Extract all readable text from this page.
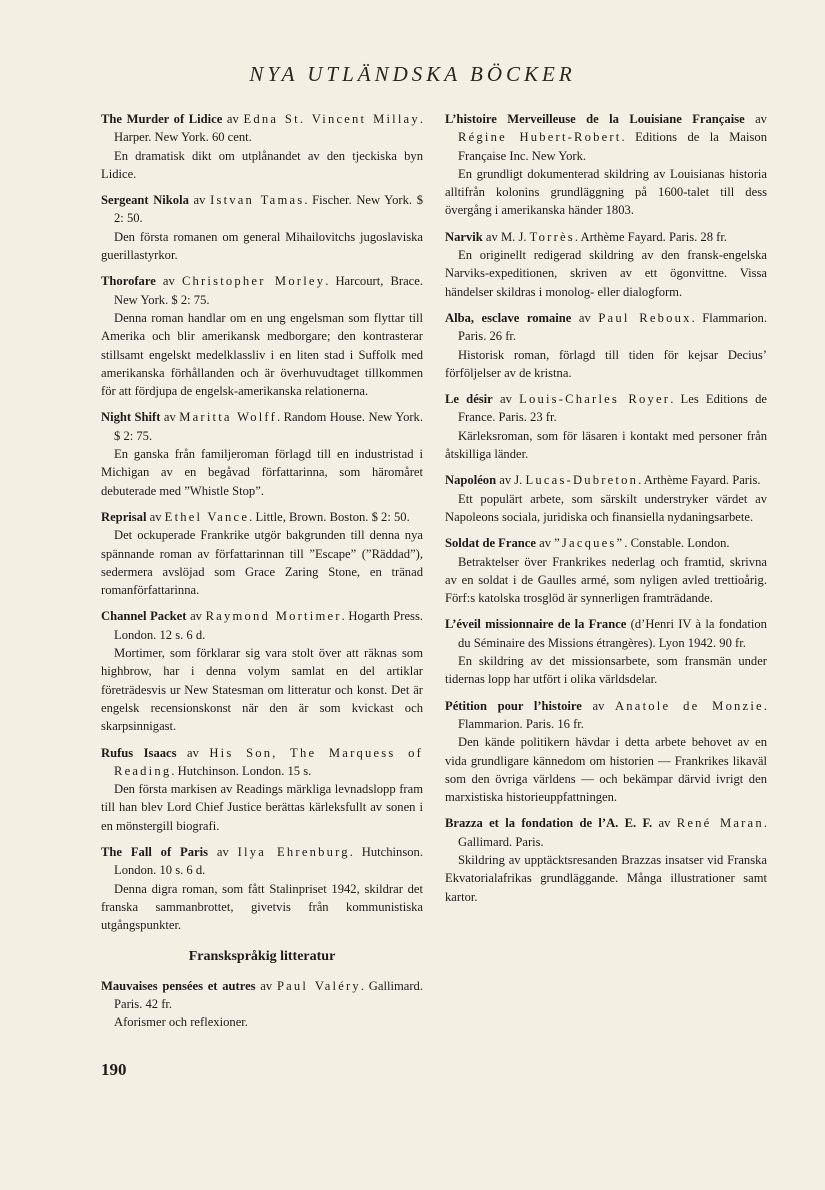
NYA UTLÄNDSKA BÖCKER

The Murder of Lidice av Edna St. Vincent Millay. Harper. New York. 60 cent.

En dramatisk dikt om utplånandet av den tjeckiska byn Lidice.

Sergeant Nikola av Istvan Tamas. Fischer. New York. $ 2: 50.

Den första romanen om general Mihailovitchs jugoslaviska guerillastyrkor.

Thorofare av Christopher Morley. Harcourt, Brace. New York. $ 2: 75.

Denna roman handlar om en ung engelsman som flyttar till Amerika och blir amerikansk medborgare; den kontrasterar stillsamt engelskt medelklassliv i en liten stad i Suffolk med amerikanska förhållanden och är överhuvudtaget tillkommen för att fördjupa de engelsk-amerikanska relationerna.

Night Shift av Maritta Wolff. Random House. New York. $ 2: 75.

En ganska från familjeroman förlagd till en industristad i Michigan av en begåvad författarinna, som häromåret debuterade med ”Whistle Stop”.

Reprisal av Ethel Vance. Little, Brown. Boston. $ 2: 50.

Det ockuperade Frankrike utgör bakgrunden till denna nya spännande roman av författarinnan till ”Escape” (”Räddad”), sedermera avslöjad som Grace Zaring Stone, en tränad romanförfattarinna.

Channel Packet av Raymond Mortimer. Hogarth Press. London. 12 s. 6 d.

Mortimer, som förklarar sig vara stolt över att räknas som highbrow, har i denna volym samlat en del artiklar företrädesvis ur New Statesman om litteratur och konst. Det är engelsk recensionskonst när den är som kvickast och skarpsinnigast.

Rufus Isaacs av His Son, The Marquess of Reading. Hutchinson. London. 15 s.

Den första markisen av Readings märkliga levnadslopp fram till han blev Lord Chief Justice berättas kärleksfullt av sonen i en mönstergill biografi.

The Fall of Paris av Ilya Ehrenburg. Hutchinson. London. 10 s. 6 d.

Denna digra roman, som fått Stalinpriset 1942, skildrar det franska sammanbrottet, givetvis från kommunistiska utgångspunkter.

Franskspråkig litteratur

Mauvaises pensées et autres av Paul Valéry. Gallimard. Paris. 42 fr.

Aforismer och reflexioner.

L’histoire Merveilleuse de la Louisiane Française av Régine Hubert-Robert. Editions de la Maison Française Inc. New York.

En grundligt dokumenterad skildring av Louisianas historia alltifrån kolonins grundläggning på 1600-talet till dess övergång i amerikanska händer 1803.

Narvik av M. J. Torrès. Arthème Fayard. Paris. 28 fr.

En originellt redigerad skildring av den fransk-engelska Narviks-expeditionen, skriven av ett ögonvittne. Vissa händelser skildras i monolog- eller dialogform.

Alba, esclave romaine av Paul Reboux. Flammarion. Paris. 26 fr.

Historisk roman, förlagd till tiden för kejsar Decius’ förföljelser av de kristna.

Le désir av Louis-Charles Royer. Les Editions de France. Paris. 23 fr.

Kärleksroman, som för läsaren i kontakt med personer från åtskilliga länder.

Napoléon av J. Lucas-Dubreton. Arthème Fayard. Paris.

Ett populärt arbete, som särskilt understryker värdet av Napoleons sociala, juridiska och finansiella nydaningsarbete.

Soldat de France av ”Jacques”. Constable. London.

Betraktelser över Frankrikes nederlag och framtid, skrivna av en soldat i de Gaulles armé, som nyligen avled trettioårig. Förf:s katolska trosglöd är synnerligen framträdande.

L’éveil missionnaire de la France (d’Henri IV à la fondation du Séminaire des Missions étrangères). Lyon 1942. 90 fr.

En skildring av det missionsarbete, som fransmän under tidernas lopp har utfört i olika världsdelar.

Pétition pour l’histoire av Anatole de Monzie. Flammarion. Paris. 16 fr.

Den kände politikern hävdar i detta arbete behovet av en vida grundligare kännedom om historien — Frankrikes likaväl som den övriga världens — och bekämpar därvid ivrigt den marxistiska historieuppfattningen.

Brazza et la fondation de l’A. E. F. av René Maran. Gallimard. Paris.

Skildring av upptäcktsresanden Brazzas insatser vid Franska Ekvatorialafrikas grundläggande. Många illustrationer samt kartor.

190
